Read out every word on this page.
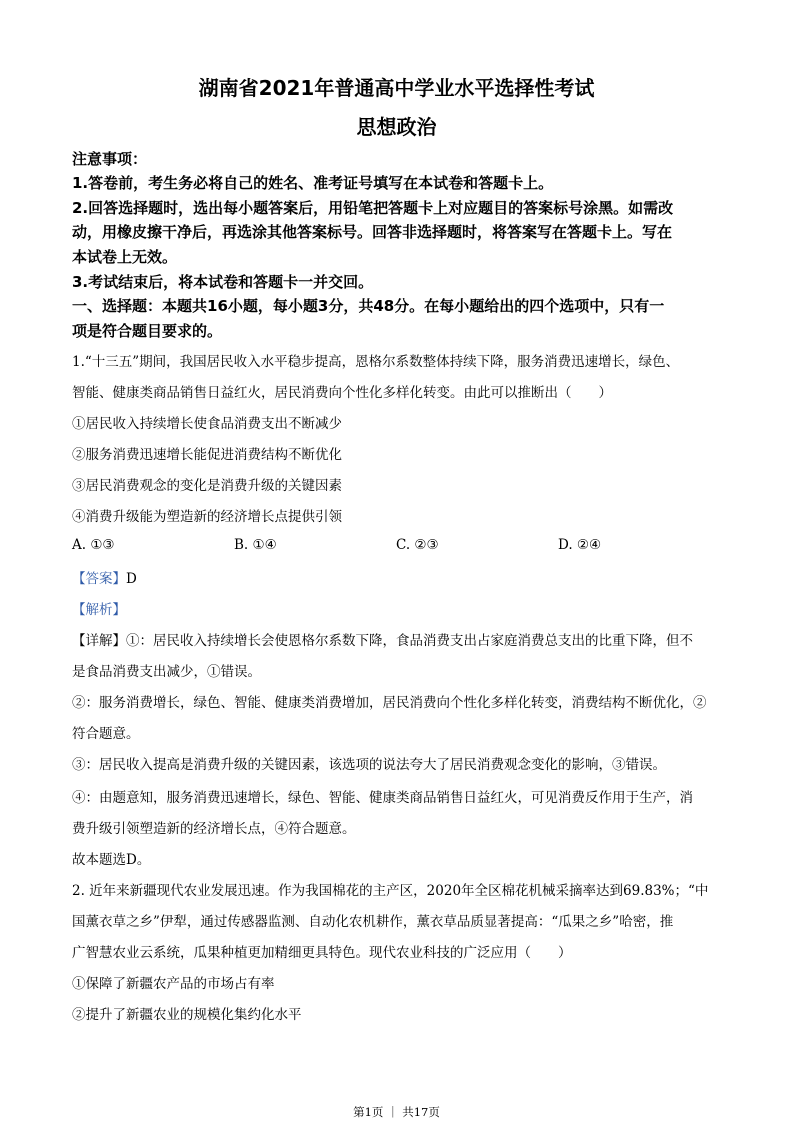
湖南省2021年普通高中学业水平选择性考试
思想政治

注意事项：

1.答卷前，考生务必将自己的姓名、准考证号填写在本试卷和答题卡上。

2.回答选择题时，选出每小题答案后，用铅笔把答题卡上对应题目的答案标号涂黑。如需改

动，用橡皮擦干净后，再选涂其他答案标号。回答非选择题时，将答案写在答题卡上。写在

本试卷上无效。

3.考试结束后，将本试卷和答题卡一并交回。

一、选择题：本题共16小题，每小题3分，共48分。在每小题给出的四个选项中，只有一

项是符合题目要求的。

1.“十三五”期间，我国居民收入水平稳步提高，恩格尔系数整体持续下降，服务消费迅速增长，绿色、

智能、健康类商品销售日益红火，居民消费向个性化多样化转变。由此可以推断出（　　）

①居民收入持续增长使食品消费支出不断减少

②服务消费迅速增长能促进消费结构不断优化

③居民消费观念的变化是消费升级的关键因素

④消费升级能为塑造新的经济增长点提供引领

A. ①③	B. ①④	C. ②③	D. ②④

【答案】D

【解析】

【详解】①：居民收入持续增长会使恩格尔系数下降，食品消费支出占家庭消费总支出的比重下降，但不

是食品消费支出减少，①错误。

②：服务消费增长，绿色、智能、健康类消费增加，居民消费向个性化多样化转变，消费结构不断优化，②

符合题意。

③：居民收入提高是消费升级的关键因素，该选项的说法夸大了居民消费观念变化的影响，③错误。

④：由题意知，服务消费迅速增长，绿色、智能、健康类商品销售日益红火，可见消费反作用于生产，消

费升级引领塑造新的经济增长点，④符合题意。

故本题选D。

2. 近年来新疆现代农业发展迅速。作为我国棉花的主产区，2020年全区棉花机械采摘率达到69.83%；“中

国薰衣草之乡”伊犁，通过传感器监测、自动化农机耕作，薰衣草品质显著提高：“瓜果之乡”哈密，推

广智慧农业云系统，瓜果种植更加精细更具特色。现代农业科技的广泛应用（　　）

①保障了新疆农产品的市场占有率

②提升了新疆农业的规模化集约化水平

第1页 ｜ 共17页
